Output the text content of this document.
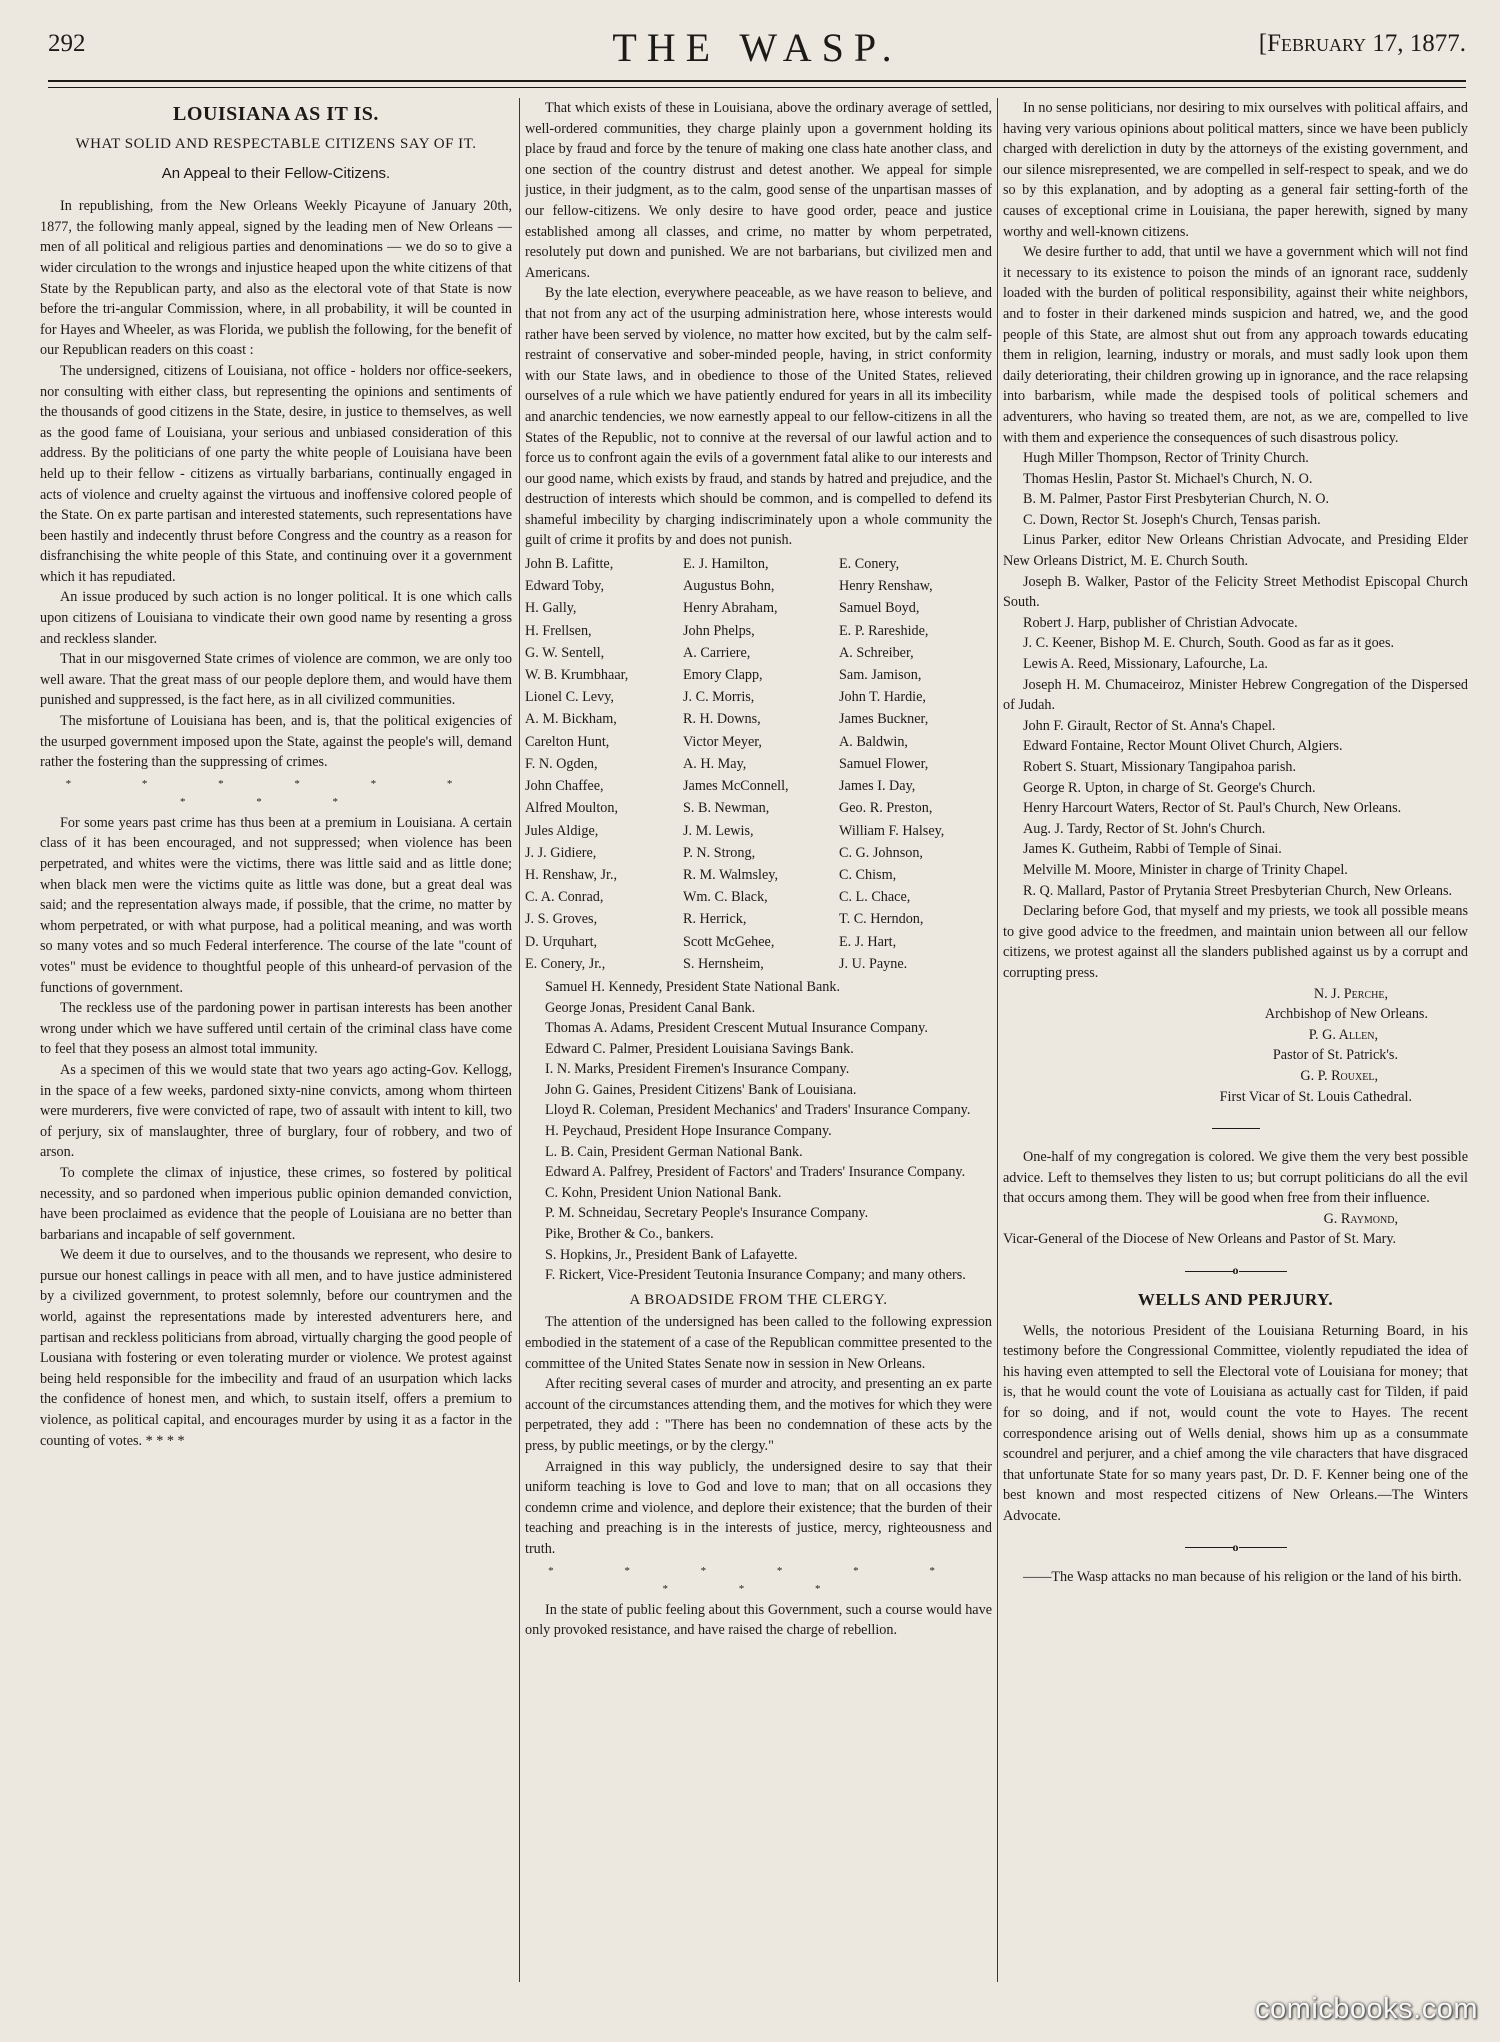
292	THE WASP.	[February 17, 1877.
LOUISIANA AS IT IS.
WHAT SOLID AND RESPECTABLE CITIZENS SAY OF IT.
An Appeal to their Fellow-Citizens.

In republishing, from the New Orleans Weekly Picayune of January 20th, 1877, the following manly appeal, signed by the leading men of New Orleans — men of all political and religious parties and denominations — we do so to give a wider circulation to the wrongs and injustice heaped upon the white citizens of that State by the Republican party, and also as the electoral vote of that State is now before the tri-angular Commission, where, in all probability, it will be counted in for Hayes and Wheeler, as was Florida, we publish the following, for the benefit of our Republican readers on this coast :

The undersigned, citizens of Louisiana, not office - holders nor office-seekers, nor consulting with either class, but representing the opinions and sentiments of the thousands of good citizens in the State, desire, in justice to themselves, as well as the good fame of Louisiana, your serious and unbiased consideration of this address. By the politicians of one party the white people of Louisiana have been held up to their fellow - citizens as virtually barbarians, continually engaged in acts of violence and cruelty against the virtuous and inoffensive colored people of the State. On ex parte partisan and interested statements, such representations have been hastily and indecently thrust before Congress and the country as a reason for disfranchising the white people of this State, and continuing over it a government which it has repudiated.

An issue produced by such action is no longer political. It is one which calls upon citizens of Louisiana to vindicate their own good name by resenting a gross and reckless slander.

That in our misgoverned State crimes of violence are common, we are only too well aware. That the great mass of our people deplore them, and would have them punished and suppressed, is the fact here, as in all civilized communities.

The misfortune of Louisiana has been, and is, that the political exigencies of the usurped government imposed upon the State, against the people's will, demand rather the fostering than the suppressing of crimes.

* * * * * * * * *

For some years past crime has thus been at a premium in Louisiana. A certain class of it has been encouraged, and not suppressed; when violence has been perpetrated, and whites were the victims, there was little said and as little done; when black men were the victims quite as little was done, but a great deal was said; and the representation always made, if possible, that the crime, no matter by whom perpetrated, or with what purpose, had a political meaning, and was worth so many votes and so much Federal interference. The course of the late "count of votes" must be evidence to thoughtful people of this unheard-of pervasion of the functions of government.

The reckless use of the pardoning power in partisan interests has been another wrong under which we have suffered until certain of the criminal class have come to feel that they posess an almost total immunity.

As a specimen of this we would state that two years ago acting-Gov. Kellogg, in the space of a few weeks, pardoned sixty-nine convicts, among whom thirteen were murderers, five were convicted of rape, two of assault with intent to kill, two of perjury, six of manslaughter, three of burglary, four of robbery, and two of arson.

To complete the climax of injustice, these crimes, so fostered by political necessity, and so pardoned when imperious public opinion demanded conviction, have been proclaimed as evidence that the people of Louisiana are no better than barbarians and incapable of self government.

We deem it due to ourselves, and to the thousands we represent, who desire to pursue our honest callings in peace with all men, and to have justice administered by a civilized government, to protest solemnly, before our countrymen and the world, against the representations made by interested adventurers here, and partisan and reckless politicians from abroad, virtually charging the good people of Lousiana with fostering or even tolerating murder or violence. We protest against being held responsible for the imbecility and fraud of an usurpation which lacks the confidence of honest men, and which, to sustain itself, offers a premium to violence, as political capital, and encourages murder by using it as a factor in the counting of votes. * * * *

That which exists of these in Louisiana, above the ordinary average of settled, well-ordered communities, they charge plainly upon a government holding its place by fraud and force by the tenure of making one class hate another class, and one section of the country distrust and detest another. We appeal for simple justice, in their judgment, as to the calm, good sense of the unpartisan masses of our fellow-citizens. We only desire to have good order, peace and justice established among all classes, and crime, no matter by whom perpetrated, resolutely put down and punished. We are not barbarians, but civilized men and Americans.

By the late election, everywhere peaceable, as we have reason to believe, and that not from any act of the usurping administration here, whose interests would rather have been served by violence, no matter how excited, but by the calm self-restraint of conservative and sober-minded people, having, in strict conformity with our State laws, and in obedience to those of the United States, relieved ourselves of a rule which we have patiently endured for years in all its imbecility and anarchic tendencies, we now earnestly appeal to our fellow-citizens in all the States of the Republic, not to connive at the reversal of our lawful action and to force us to confront again the evils of a government fatal alike to our interests and our good name, which exists by fraud, and stands by hatred and prejudice, and the destruction of interests which should be common, and is compelled to defend its shameful imbecility by charging indiscriminately upon a whole community the guilt of crime it profits by and does not punish.

John B. Lafitte,	E. J. Hamilton,	E. Conery,
Edward Toby,	Augustus Bohn,	Henry Renshaw,
H. Gally,	Henry Abraham,	Samuel Boyd,
H. Frellsen,	John Phelps,	E. P. Rareshide,
G. W. Sentell,	A. Carriere,	A. Schreiber,
W. B. Krumbhaar,	Emory Clapp,	Sam. Jamison,
Lionel C. Levy,	J. C. Morris,	John T. Hardie,
A. M. Bickham,	R. H. Downs,	James Buckner,
Carelton Hunt,	Victor Meyer,	A. Baldwin,
F. N. Ogden,	A. H. May,	Samuel Flower,
John Chaffee,	James McConnell,	James I. Day,
Alfred Moulton,	S. B. Newman,	Geo. R. Preston,
Jules Aldige,	J. M. Lewis,	William F. Halsey,
J. J. Gidiere,	P. N. Strong,	C. G. Johnson,
H. Renshaw, Jr.,	R. M. Walmsley,	C. Chism,
C. A. Conrad,	Wm. C. Black,	C. L. Chace,
J. S. Groves,	R. Herrick,	T. C. Herndon,
D. Urquhart,	Scott McGehee,	E. J. Hart,
E. Conery, Jr.,	S. Hernsheim,	J. U. Payne.

Samuel H. Kennedy, President State National Bank.

George Jonas, President Canal Bank.

Thomas A. Adams, President Crescent Mutual Insurance Company.

Edward C. Palmer, President Louisiana Savings Bank.

I. N. Marks, President Firemen's Insurance Company.

John G. Gaines, President Citizens' Bank of Louisiana.

Lloyd R. Coleman, President Mechanics' and Traders' Insurance Company.

H. Peychaud, President Hope Insurance Company.

L. B. Cain, President German National Bank.

Edward A. Palfrey, President of Factors' and Traders' Insurance Company.

C. Kohn, President Union National Bank.

P. M. Schneidau, Secretary People's Insurance Company.

Pike, Brother & Co., bankers.

S. Hopkins, Jr., President Bank of Lafayette.

F. Rickert, Vice-President Teutonia Insurance Company; and many others.

A BROADSIDE FROM THE CLERGY.

The attention of the undersigned has been called to the following expression embodied in the statement of a case of the Republican committee presented to the committee of the United States Senate now in session in New Orleans.

After reciting several cases of murder and atrocity, and presenting an ex parte account of the circumstances attending them, and the motives for which they were perpetrated, they add : "There has been no condemnation of these acts by the press, by public meetings, or by the clergy."

Arraigned in this way publicly, the undersigned desire to say that their uniform teaching is love to God and love to man; that on all occasions they condemn crime and violence, and deplore their existence; that the burden of their teaching and preaching is in the interests of justice, mercy, righteousness and truth.

* * * * * * * * *

In the state of public feeling about this Government, such a course would have only provoked resistance, and have raised the charge of rebellion.

In no sense politicians, nor desiring to mix ourselves with political affairs, and having very various opinions about political matters, since we have been publicly charged with dereliction in duty by the attorneys of the existing government, and our silence misrepresented, we are compelled in self-respect to speak, and we do so by this explanation, and by adopting as a general fair setting-forth of the causes of exceptional crime in Louisiana, the paper herewith, signed by many worthy and well-known citizens.

We desire further to add, that until we have a government which will not find it necessary to its existence to poison the minds of an ignorant race, suddenly loaded with the burden of political responsibility, against their white neighbors, and to foster in their darkened minds suspicion and hatred, we, and the good people of this State, are almost shut out from any approach towards educating them in religion, learning, industry or morals, and must sadly look upon them daily deteriorating, their children growing up in ignorance, and the race relapsing into barbarism, while made the despised tools of political schemers and adventurers, who having so treated them, are not, as we are, compelled to live with them and experience the consequences of such disastrous policy.

Hugh Miller Thompson, Rector of Trinity Church.

Thomas Heslin, Pastor St. Michael's Church, N. O.

B. M. Palmer, Pastor First Presbyterian Church, N. O.

C. Down, Rector St. Joseph's Church, Tensas parish.

Linus Parker, editor New Orleans Christian Advocate, and Presiding Elder New Orleans District, M. E. Church South.

Joseph B. Walker, Pastor of the Felicity Street Methodist Episcopal Church South.

Robert J. Harp, publisher of Christian Advocate.

J. C. Keener, Bishop M. E. Church, South. Good as far as it goes.

Lewis A. Reed, Missionary, Lafourche, La.

Joseph H. M. Chumaceiroz, Minister Hebrew Congregation of the Dispersed of Judah.

John F. Girault, Rector of St. Anna's Chapel.

Edward Fontaine, Rector Mount Olivet Church, Algiers.

Robert S. Stuart, Missionary Tangipahoa parish.

George R. Upton, in charge of St. George's Church.

Henry Harcourt Waters, Rector of St. Paul's Church, New Orleans.

Aug. J. Tardy, Rector of St. John's Church.

James K. Gutheim, Rabbi of Temple of Sinai.

Melville M. Moore, Minister in charge of Trinity Chapel.

R. Q. Mallard, Pastor of Prytania Street Presbyterian Church, New Orleans.

Declaring before God, that myself and my priests, we took all possible means to give good advice to the freedmen, and maintain union between all our fellow citizens, we protest against all the slanders published against us by a corrupt and corrupting press.

N. J. Perche,
Archbishop of New Orleans.
P. G. Allen,
Pastor of St. Patrick's.
G. P. Rouxel,
First Vicar of St. Louis Cathedral.

One-half of my congregation is colored. We give them the very best possible advice. Left to themselves they listen to us; but corrupt politicians do all the evil that occurs among them. They will be good when free from their influence.

G. Raymond,

Vicar-General of the Diocese of New Orleans and Pastor of St. Mary.

o
WELLS AND PERJURY.

Wells, the notorious President of the Louisiana Returning Board, in his testimony before the Congressional Committee, violently repudiated the idea of his having even attempted to sell the Electoral vote of Louisiana for money; that is, that he would count the vote of Louisiana as actually cast for Tilden, if paid for so doing, and if not, would count the vote to Hayes. The recent correspondence arising out of Wells denial, shows him up as a consummate scoundrel and perjurer, and a chief among the vile characters that have disgraced that unfortunate State for so many years past, Dr. D. F. Kenner being one of the best known and most respected citizens of New Orleans.—The Winters Advocate.

o

——The Wasp attacks no man because of his religion or the land of his birth.

comicbooks.com
